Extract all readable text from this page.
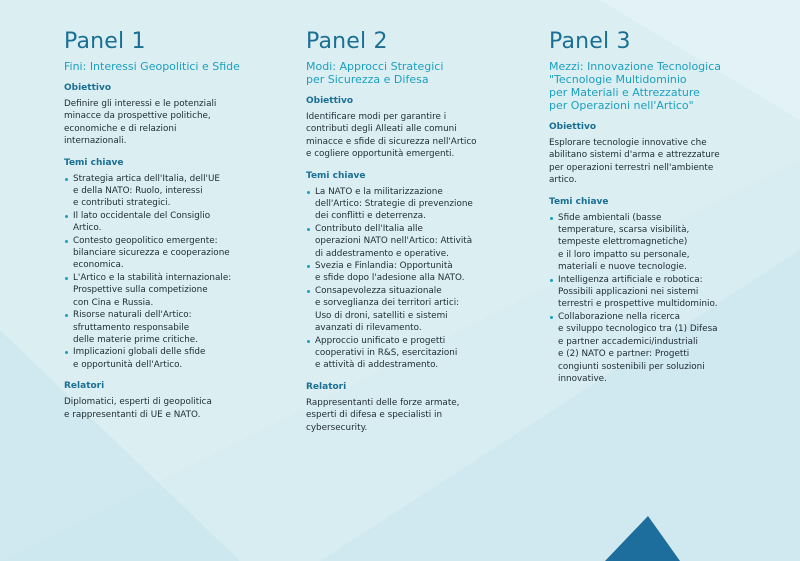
Panel 1

Fini: Interessi Geopolitici e Sfide

Obiettivo

Definire gli interessi e le potenziali
minacce da prospettive politiche,
economiche e di relazioni
internazionali.

Temi chiave
Strategia artica dell'Italia, dell'UE
e della NATO: Ruolo, interessi
e contributi strategici.
Il lato occidentale del Consiglio
Artico.
Contesto geopolitico emergente:
bilanciare sicurezza e cooperazione
economica.
L'Artico e la stabilità internazionale:
Prospettive sulla competizione
con Cina e Russia.
Risorse naturali dell'Artico:
sfruttamento responsabile
delle materie prime critiche.
Implicazioni globali delle sfide
e opportunità dell'Artico.
Relatori

Diplomatici, esperti di geopolitica
e rappresentanti di UE e NATO.

Panel 2

Modi: Approcci Strategici
per Sicurezza e Difesa

Obiettivo

Identificare modi per garantire i
contributi degli Alleati alle comuni
minacce e sfide di sicurezza nell'Artico
e cogliere opportunità emergenti.

Temi chiave
La NATO e la militarizzazione
dell'Artico: Strategie di prevenzione
dei conflitti e deterrenza.
Contributo dell'Italia alle
operazioni NATO nell'Artico: Attività
di addestramento e operative.
Svezia e Finlandia: Opportunità
e sfide dopo l'adesione alla NATO.
Consapevolezza situazionale
e sorveglianza dei territori artici:
Uso di droni, satelliti e sistemi
avanzati di rilevamento.
Approccio unificato e progetti
cooperativi in R&S, esercitazioni
e attività di addestramento.
Relatori

Rappresentanti delle forze armate,
esperti di difesa e specialisti in
cybersecurity.

Panel 3

Mezzi: Innovazione Tecnologica
"Tecnologie Multidominio
per Materiali e Attrezzature
per Operazioni nell'Artico"

Obiettivo

Esplorare tecnologie innovative che
abilitano sistemi d'arma e attrezzature
per operazioni terrestri nell'ambiente
artico.

Temi chiave
Sfide ambientali (basse
temperature, scarsa visibilità,
tempeste elettromagnetiche)
e il loro impatto su personale,
materiali e nuove tecnologie.
Intelligenza artificiale e robotica:
Possibili applicazioni nei sistemi
terrestri e prospettive multidominio.
Collaborazione nella ricerca
e sviluppo tecnologico tra (1) Difesa
e partner accademici/industriali
e (2) NATO e partner: Progetti
congiunti sostenibili per soluzioni
innovative.
